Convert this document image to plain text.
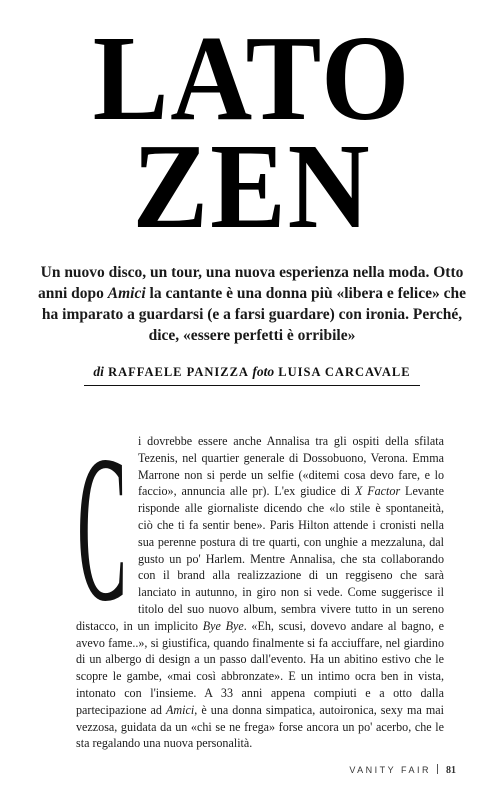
LATO
ZEN

Un nuovo disco, un tour, una nuova esperienza nella moda. Otto anni dopo Amici la cantante è una donna più «libera e felice» che ha imparato a guardarsi (e a farsi guardare) con ironia. Perché, dice, «essere perfetti è orribile»

di RAFFAELE PANIZZA foto LUISA CARCAVALE

C i dovrebbe essere anche Annalisa tra gli ospiti della sfilata Tezenis, nel quartier generale di Dossobuono, Verona. Emma Marrone non si perde un selfie («ditemi cosa devo fare, e lo faccio», annuncia alle pr). L'ex giudice di X Factor Levante risponde alle giornaliste dicendo che «lo stile è spontaneità, ciò che ti fa sentir bene». Paris Hilton attende i cronisti nella sua perenne postura di tre quarti, con unghie a mezzaluna, dal gusto un po' Harlem. Mentre Annalisa, che sta collaborando con il brand alla realizzazione di un reggiseno che sarà lanciato in autunno, in giro non si vede. Come suggerisce il titolo del suo nuovo album, sembra vivere tutto in un sereno distacco, in un implicito Bye Bye. «Eh, scusi, dovevo andare al bagno, e avevo fame..», si giustifica, quando finalmente si fa acciuffare, nel giardino di un albergo di design a un passo dall'evento. Ha un abitino estivo che le scopre le gambe, «mai così abbronzate». E un intimo ocra ben in vista, intonato con l'insieme. A 33 anni appena compiuti e a otto dalla partecipazione ad Amici, è una donna simpatica, autoironica, sexy ma mai vezzosa, guidata da un «chi se ne frega» forse ancora un po' acerbo, che le sta regalando una nuova personalità.

VANITY FAIR 81
